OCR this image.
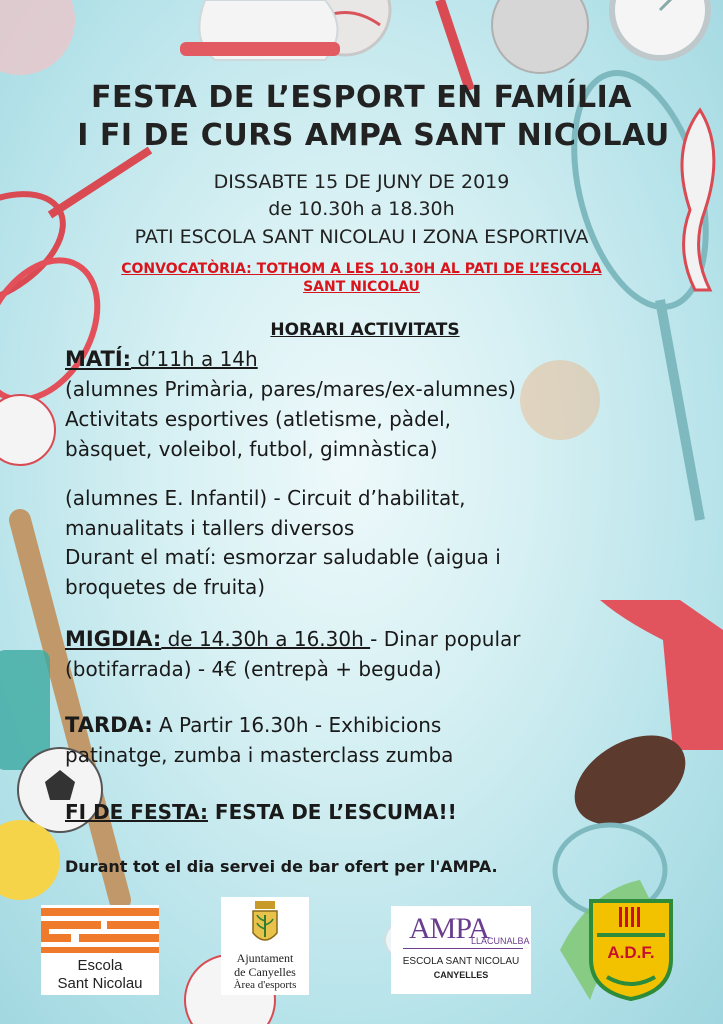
FESTA DE L’ESPORT EN FAMÍLIA
I FI DE CURS AMPA SANT NICOLAU
DISSABTE 15 DE JUNY DE 2019
de 10.30h a 18.30h
PATI ESCOLA SANT NICOLAU I ZONA ESPORTIVA
CONVOCATÒRIA: TOTHOM A LES 10.30H AL PATI DE L’ESCOLA
SANT NICOLAU
HORARI ACTIVITATS
MATÍ: d’11h a 14h
(alumnes Primària, pares/mares/ex-alumnes)
Activitats esportives (atletisme, pàdel,
bàsquet, voleibol, futbol, gimnàstica)
(alumnes E. Infantil) - Circuit d’habilitat,
manualitats i tallers diversos
Durant el matí: esmorzar saludable (aigua i
broquetes de fruita)
MIGDIA: de 14.30h a 16.30h - Dinar popular
(botifarrada) - 4€ (entrepà + beguda)
TARDA: A Partir 16.30h - Exhibicions
patinatge, zumba i masterclass zumba
FI DE FESTA: FESTA DE L’ESCUMA!!
Durant tot el dia servei de bar ofert per l'AMPA.
Escola
Sant Nicolau
Ajuntament
de Canyelles
Àrea d'esports
AMPA
LLACUNALBA
ESCOLA SANT NICOLAU
CANYELLES
A.D.F.
